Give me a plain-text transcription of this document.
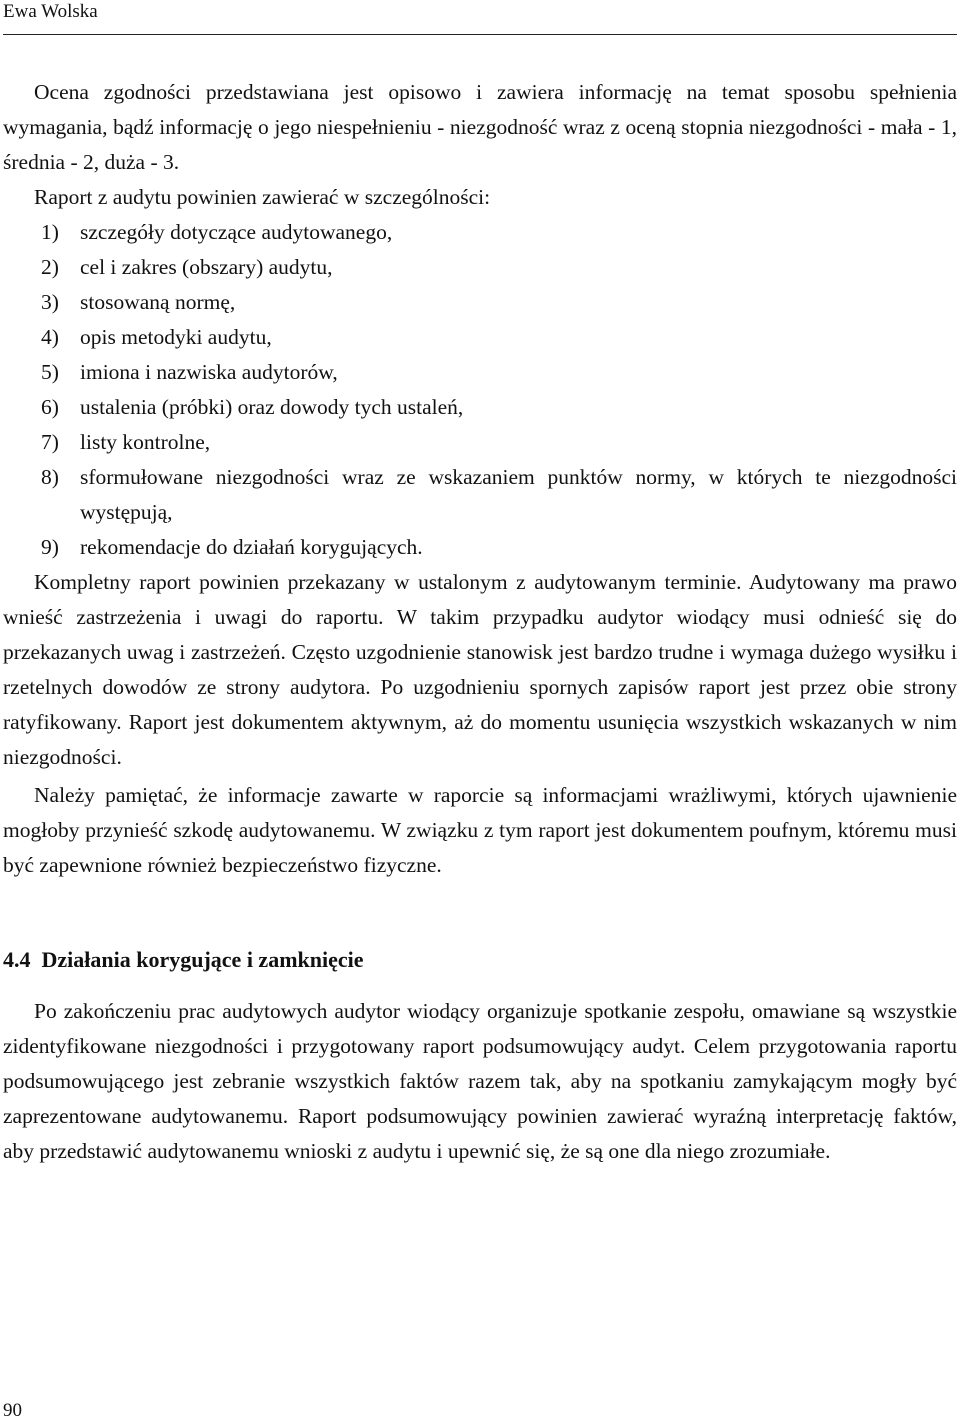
Ewa Wolska

Ocena zgodności przedstawiana jest opisowo i zawiera informację na temat sposobu spełnienia wymagania, bądź informację o jego niespełnieniu - niezgodność wraz z oceną stopnia niezgodności - mała - 1, średnia - 2, duża - 3.

Raport z audytu powinien zawierać w szczególności:

1) szczegóły dotyczące audytowanego,
2) cel i zakres (obszary) audytu,
3) stosowaną normę,
4) opis metodyki audytu,
5) imiona i nazwiska audytorów,
6) ustalenia (próbki) oraz dowody tych ustaleń,
7) listy kontrolne,
8) sformułowane niezgodności wraz ze wskazaniem punktów normy, w których te niezgodności występują,
9) rekomendacje do działań korygujących.

Kompletny raport powinien przekazany w ustalonym z audytowanym terminie. Audytowany ma prawo wnieść zastrzeżenia i uwagi do raportu. W takim przypadku audytor wiodący musi odnieść się do przekazanych uwag i zastrzeżeń. Często uzgodnienie stanowisk jest bardzo trudne i wymaga dużego wysiłku i rzetelnych dowodów ze strony audytora. Po uzgodnieniu spornych zapisów raport jest przez obie strony ratyfikowany. Raport jest dokumentem aktywnym, aż do momentu usunięcia wszystkich wskazanych w nim niezgodności.

Należy pamiętać, że informacje zawarte w raporcie są informacjami wrażliwymi, których ujawnienie mogłoby przynieść szkodę audytowanemu. W związku z tym raport jest dokumentem poufnym, któremu musi być zapewnione również bezpieczeństwo fizyczne.

4.4 Działania korygujące i zamknięcie

Po zakończeniu prac audytowych audytor wiodący organizuje spotkanie zespołu, omawiane są wszystkie zidentyfikowane niezgodności i przygotowany raport podsumowujący audyt. Celem przygotowania raportu podsumowującego jest zebranie wszystkich faktów razem tak, aby na spotkaniu zamykającym mogły być zaprezentowane audytowanemu. Raport podsumowujący powinien zawierać wyraźną interpretację faktów, aby przedstawić audytowanemu wnioski z audytu i upewnić się, że są one dla niego zrozumiałe.

90
